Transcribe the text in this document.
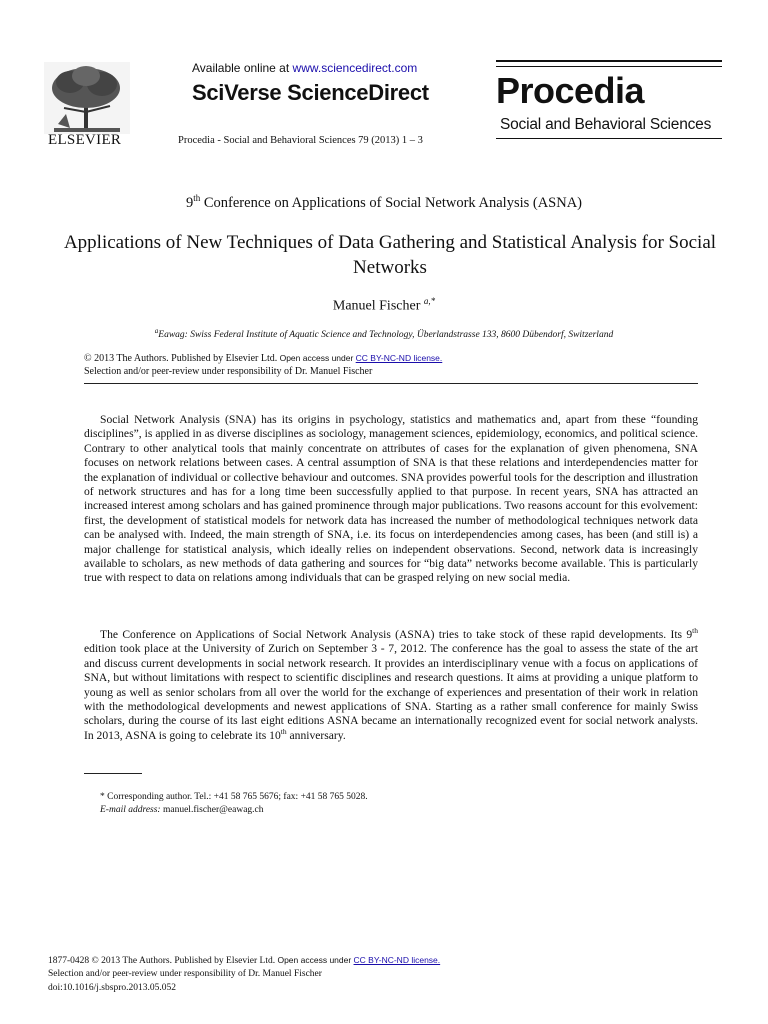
ELSEVIER
Available online at www.sciencedirect.com
SciVerse ScienceDirect
Procedia - Social and Behavioral Sciences 79 (2013) 1 – 3
Procedia
Social and Behavioral Sciences
9th Conference on Applications of Social Network Analysis (ASNA)
Applications of New Techniques of Data Gathering and Statistical Analysis for Social Networks
Manuel Fischer $^{a,*}$
$^a$Eawag: Swiss Federal Institute of Aquatic Science and Technology, Überlandstrasse 133, 8600 Dübendorf, Switzerland
© 2013 The Authors. Published by Elsevier Ltd. Open access under CC BY-NC-ND license.
Selection and/or peer-review under responsibility of Dr. Manuel Fischer

Social Network Analysis (SNA) has its origins in psychology, statistics and mathematics and, apart from these “founding disciplines”, is applied in as diverse disciplines as sociology, management sciences, epidemiology, economics, and political science. Contrary to other analytical tools that mainly concentrate on attributes of cases for the explanation of given phenomena, SNA focuses on network relations between cases. A central assumption of SNA is that these relations and interdependencies matter for the explanation of individual or collective behaviour and outcomes. SNA provides powerful tools for the description and illustration of network structures and has for a long time been successfully applied to that purpose. In recent years, SNA has attracted an increased interest among scholars and has gained prominence through major publications. Two reasons account for this evolvement: first, the development of statistical models for network data has increased the number of methodological techniques network data can be analysed with. Indeed, the main strength of SNA, i.e. its focus on interdependencies among cases, has been (and still is) a major challenge for statistical analysis, which ideally relies on independent observations. Second, network data is increasingly available to scholars, as new methods of data gathering and sources for “big data” networks become available. This is particularly true with respect to data on relations among individuals that can be grasped relying on new social media.

The Conference on Applications of Social Network Analysis (ASNA) tries to take stock of these rapid developments. Its 9th edition took place at the University of Zurich on September 3 - 7, 2012. The conference has the goal to assess the state of the art and discuss current developments in social network research. It provides an interdisciplinary venue with a focus on applications of SNA, but without limitations with respect to scientific disciplines and research questions. It aims at providing a unique platform to young as well as senior scholars from all over the world for the exchange of experiences and presentation of their work in relation with the methodological developments and newest applications of SNA. Starting as a rather small conference for mainly Swiss scholars, during the course of its last eight editions ASNA became an internationally recognized event for social network analysts. In 2013, ASNA is going to celebrate its 10th anniversary.

* Corresponding author. Tel.: +41 58 765 5676; fax: +41 58 765 5028.
E-mail address: manuel.fischer@eawag.ch
1877-0428 © 2013 The Authors. Published by Elsevier Ltd. Open access under CC BY-NC-ND license.
Selection and/or peer-review under responsibility of Dr. Manuel Fischer
doi:10.1016/j.sbspro.2013.05.052
